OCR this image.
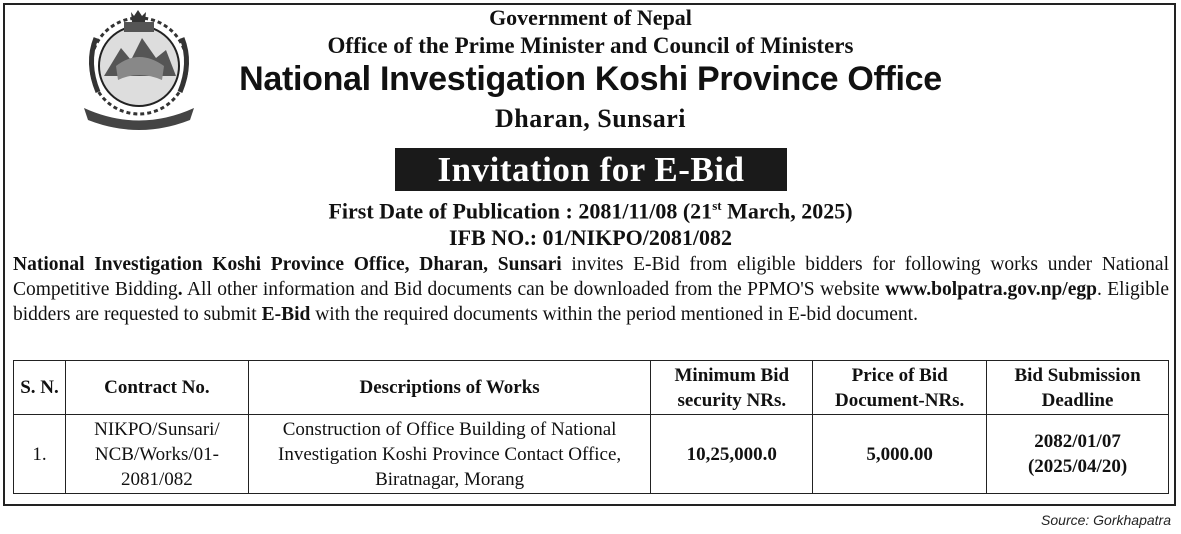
Government of Nepal
Office of the Prime Minister and Council of Ministers
National Investigation Koshi Province Office
Dharan, Sunsari
Invitation for E-Bid
First Date of Publication : 2081/11/08 (21st March, 2025)
IFB NO.: 01/NIKPO/2081/082
National Investigation Koshi Province Office, Dharan, Sunsari invites E-Bid from eligible bidders for following works under National Competitive Bidding. All other information and Bid documents can be downloaded from the PPMO'S website www.bolpatra.gov.np/egp. Eligible bidders are requested to submit E-Bid with the required documents within the period mentioned in E-bid document.
S. N.	Contract No.	Descriptions of Works	Minimum Bid security NRs.	Price of Bid Document-NRs.	Bid Submission Deadline
1.	NIKPO/Sunsari/ NCB/Works/01-2081/082	Construction of Office Building of National Investigation Koshi Province Contact Office, Biratnagar, Morang	10,25,000.0	5,000.00	2082/01/07
(2025/04/20)
Source: Gorkhapatra
